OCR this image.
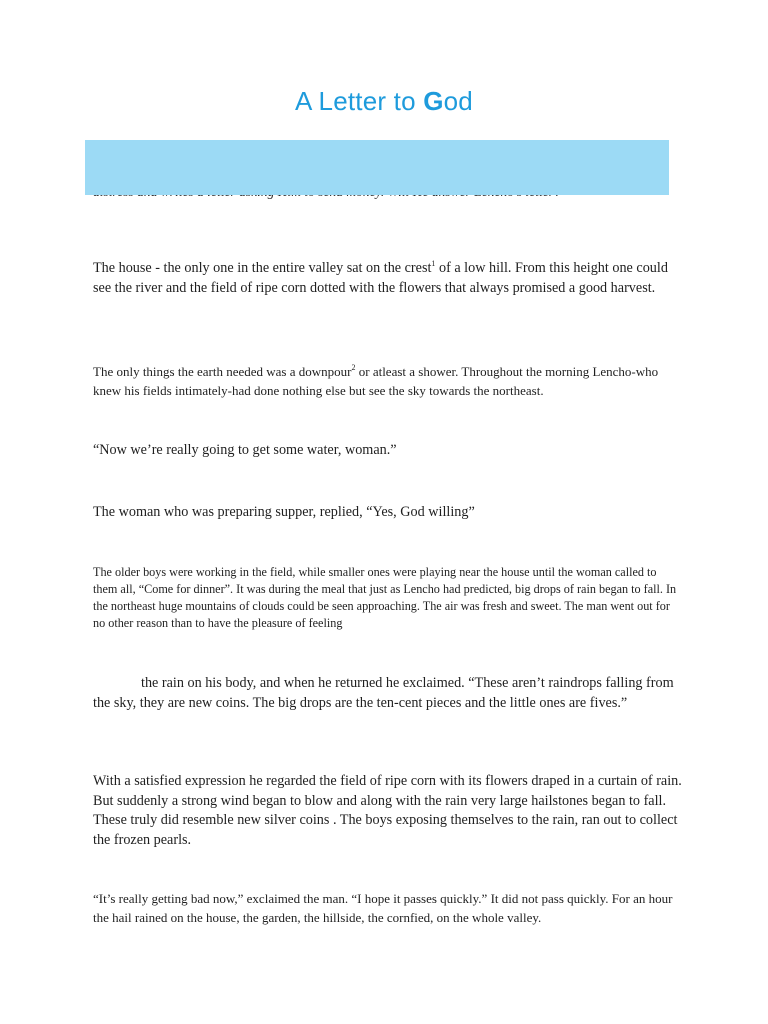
A Letter to God

The house - the only one in the entire valley sat on the crest$^1$ of a low hill. From this height one could see the river and the field of ripe corn dotted with the flowers that always promised a good harvest.

The only things the earth needed was a downpour$^2$ or atleast a shower. Throughout the morning Lencho-who knew his fields intimately-had done nothing else but see the sky towards the northeast.

“Now we’re really going to get some water, woman.”

The woman who was preparing supper, replied, “Yes, God willing”

The older boys were working in the field, while smaller ones were playing near the house until the woman called to them all, “Come for dinner”. It was during the meal that just as Lencho had predicted, big drops of rain began to fall. In the northeast huge mountains of clouds could be seen approaching. The air was fresh and sweet. The man went out for no other reason than to have the pleasure of feeling

the rain on his body, and when he returned he exclaimed. “These aren’t raindrops falling from the sky, they are new coins. The big drops are the ten-cent pieces and the little ones are fives.”

With a satisfied expression he regarded the field of ripe corn with its flowers draped in a curtain of rain. But suddenly a strong wind began to blow and along with the rain very large hailstones began to fall. These truly did resemble new silver coins . The boys exposing themselves to the rain, ran out to collect the frozen pearls.

“It’s really getting bad now,” exclaimed the man. “I hope it passes quickly.” It did not pass quickly. For an hour the hail rained on the house, the garden, the hillside, the cornfied, on the whole valley.
